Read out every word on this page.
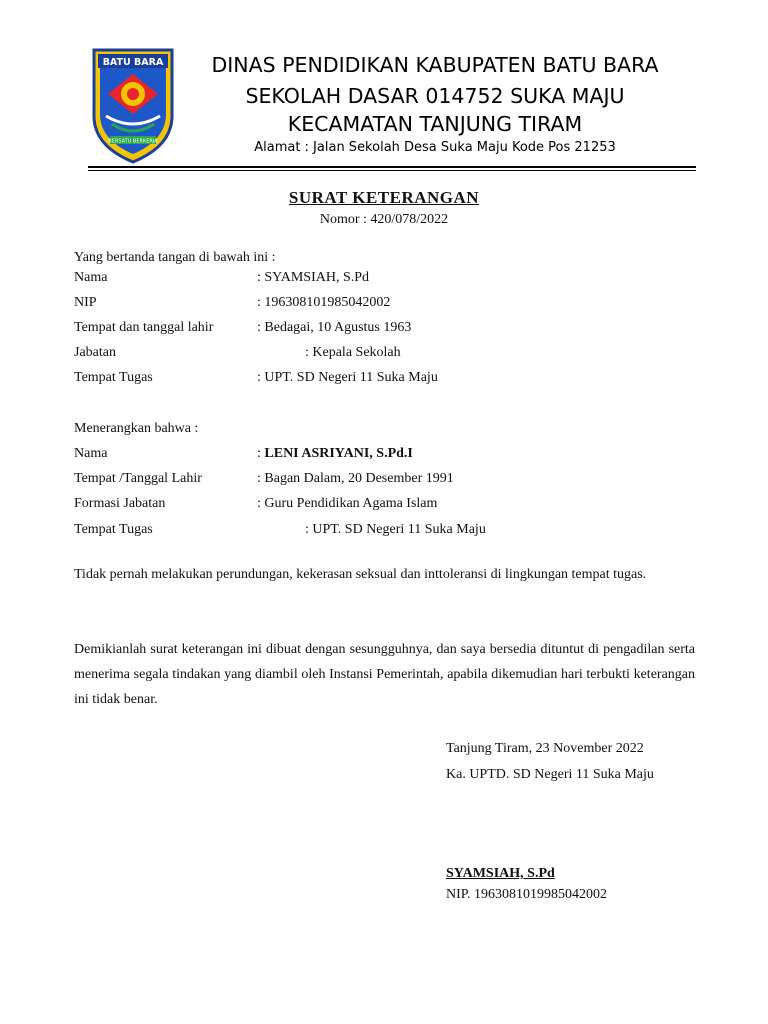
BATU BARA
BERSATU BERKERJA
DINAS PENDIDIKAN KABUPATEN BATU BARA
SEKOLAH DASAR 014752 SUKA MAJU
KECAMATAN TANJUNG TIRAM
Alamat : Jalan Sekolah Desa Suka Maju Kode Pos 21253
SURAT KETERANGAN
Nomor : 420/078/2022
Yang bertanda tangan di bawah ini :
Nama	: SYAMSIAH, S.Pd
NIP	: 196308101985042002
Tempat dan tanggal lahir	: Bedagai, 10 Agustus 1963
Jabatan	: Kepala Sekolah
Tempat Tugas	: UPT. SD Negeri 11 Suka Maju
Menerangkan bahwa :
Nama	: LENI ASRIYANI, S.Pd.I
Tempat /Tanggal Lahir	: Bagan Dalam, 20 Desember 1991
Formasi Jabatan	: Guru Pendidikan Agama Islam
Tempat Tugas	: UPT. SD Negeri 11 Suka Maju
Tidak pernah melakukan perundungan, kekerasan seksual dan inttoleransi di lingkungan tempat tugas.
Demikianlah surat keterangan ini dibuat dengan sesungguhnya, dan saya bersedia dituntut di pengadilan serta menerima segala tindakan yang diambil oleh Instansi Pemerintah, apabila dikemudian hari terbukti keterangan ini tidak benar.
Tanjung Tiram, 23 November 2022
Ka. UPTD. SD Negeri 11 Suka Maju
SYAMSIAH, S.Pd
NIP. 1963081019985042002
